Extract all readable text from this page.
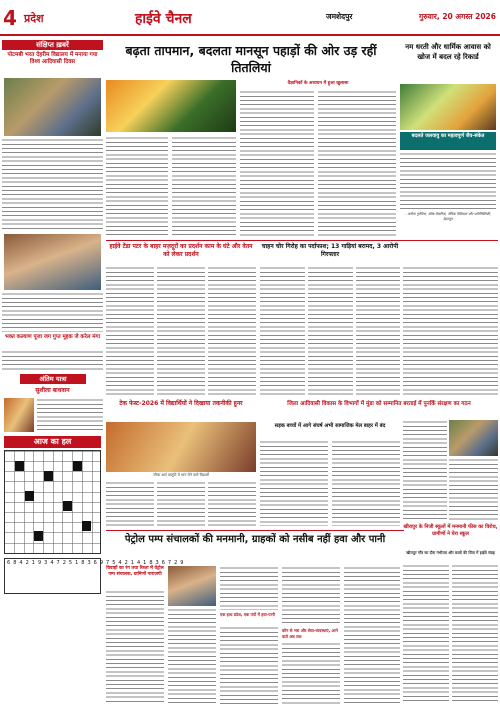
4 प्रदेश	हाईवे चैनल	जमशेदपुर	गुरुवार, 20 अगस्त 2026
संक्षिप्त ख़बरें
पोटमबी भरत देहरीम विद्यालय में मनाया गया विश्व आदिवासी दिवस
भक्त कल्याण पूजा जग गुप्त मूहक जे करेल मंगा
अंतिम यात्रा
सुशीला बाधवान
आज का हल
68421934725183697542141836729
बढ़ता तापमान, बदलता मानसून पहाड़ों की ओर उड़ रहीं तितलियां
वैज्ञानिकों के अध्ययन में हुआ खुलासा
नम धरती और धार्मिक आवास को खोज में बदल रहे रिकार्ड
बदलते जलवायु का महत्वपूर्ण जैव-संकेत
- अनीता गुलैरिया, वरिष्ठ वैज्ञानिक, जैविक विविधता और पारिस्थितिकी, देहरादून
हाईवे टेंडा पटर के बाहर मज़दूरों का प्रदर्शन काम के घंटे और वेतन को लेकर प्रदर्शन
चाहन चोर गिरोह का पर्दाफाश; 13 गाड़ियां बरामद, 3 आरोपी गिरफ्तार
जिला आदिवासी विकास के विभागों में मुंडा को सम्मानित बरताई में पुनर्कि संरक्षण का गठन
टेक फेस्ट-2026 में विद्यार्थियों ने दिखाया तकनीकी हुनर
जीजा आर्ट प्रस्तुति में भाग लेने वाले विद्यार्थी
सड़क बच्चों में आगे संघर्ष अभी सामाजिक मेल बाहर में बंद
पेट्रोल पम्प संचालकों की मनमानी, ग्राहकों को नसीब नहीं हवा और पानी
विवाहों का रंग तथा रिश्ता में वेट्रोल पम्प संचालक, ग्रामिणों नाराज़गी
एक हाथ प्रदेश, एक पंपों में हवा-पानी
कौन से भरा और सेवा-व्यवस्थाएं, आने वाले अब तक
खीराप़ुर के निजी स्कूलों में मनमानी फीस का विरोध, ग्रामीणों ने घेरा स्कूल
खीराप़ुर गाँव का दौरा गंभीरता और छात्रों की चिंता में हाईवे संग्रह
